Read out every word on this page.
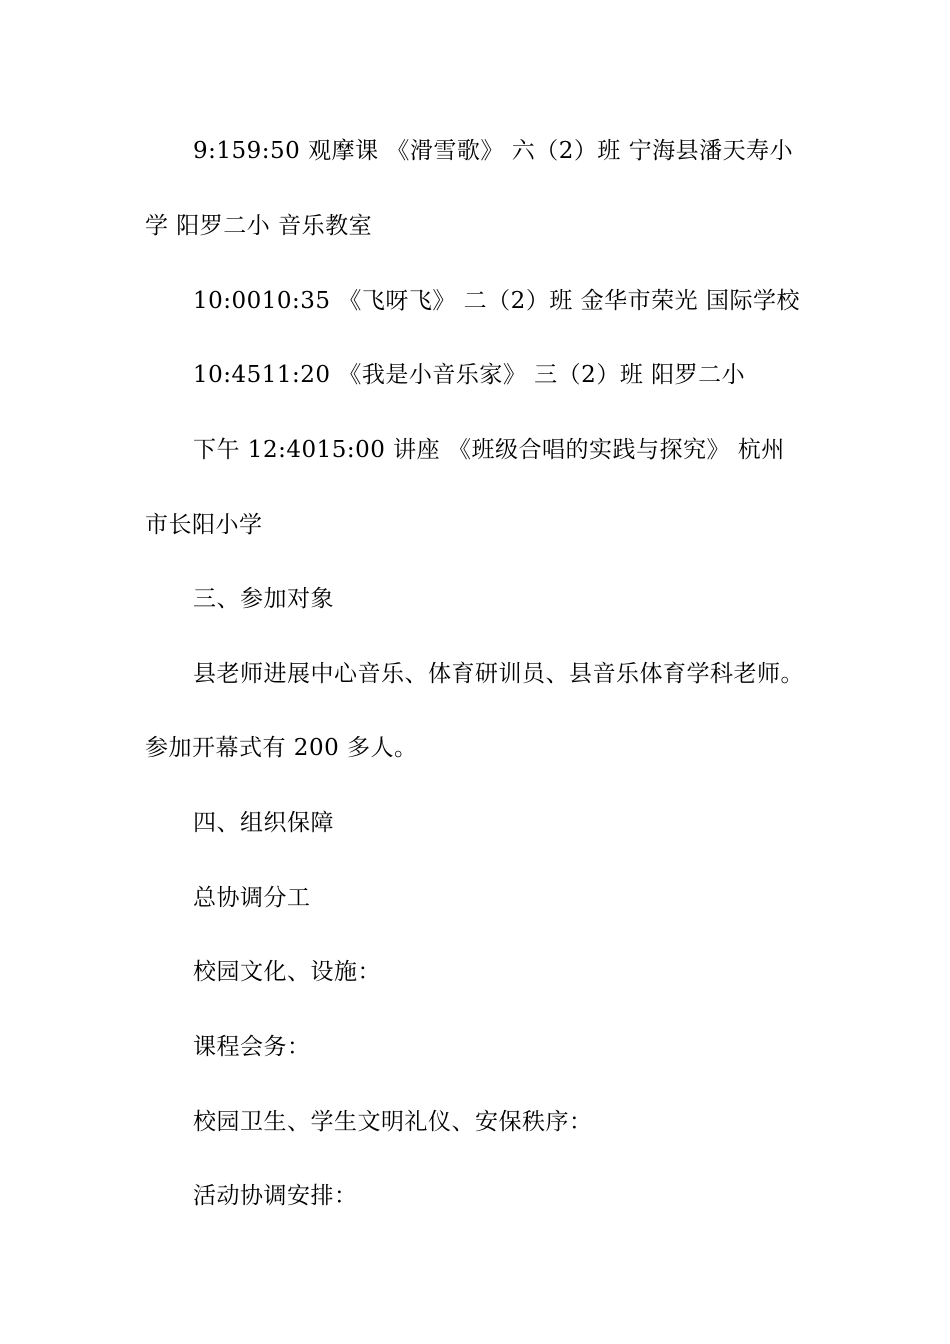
9:159:50 观摩课 《滑雪歌》 六（2）班 宁海县潘天寿小
学 阳罗二小 音乐教室
10:0010:35 《飞呀飞》 二（2）班 金华市荣光 国际学校
10:4511:20 《我是小音乐家》 三（2）班 阳罗二小
下午 12:4015:00 讲座 《班级合唱的实践与探究》 杭州
市长阳小学
三、参加对象
县老师进展中心音乐、体育研训员、县音乐体育学科老师。
参加开幕式有 200 多人。
四、组织保障
总协调分工
校园文化、设施：
课程会务：
校园卫生、学生文明礼仪、安保秩序：
活动协调安排：
